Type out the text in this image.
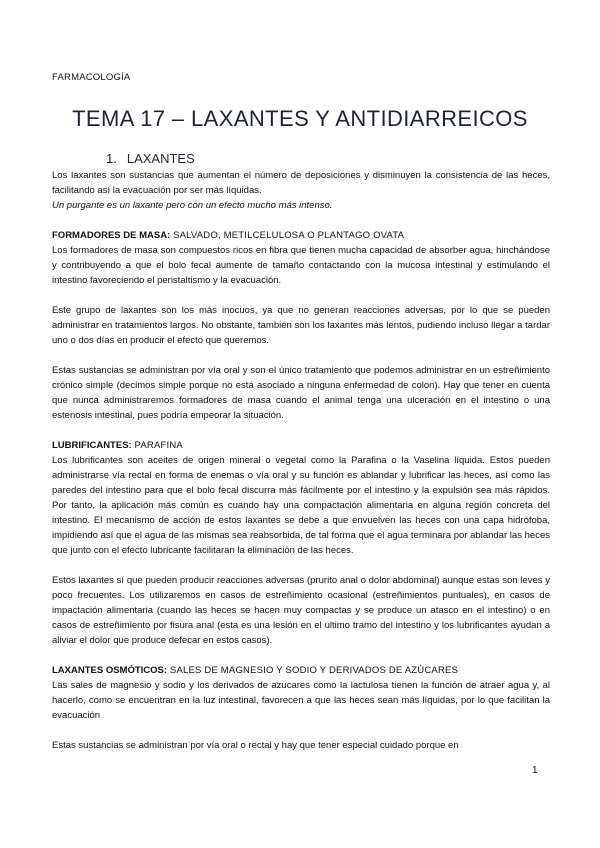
FARMACOLOGÍA
TEMA 17 – LAXANTES Y ANTIDIARREICOS
1. LAXANTES

Los laxantes son sustancias que aumentan el número de deposiciones y disminuyen la consistencia de las heces, facilitando así la evacuación por ser más líquidas.

Un purgante es un laxante pero con un efecto mucho más intenso.

FORMADORES DE MASA: SALVADO, METILCELULOSA O PLANTAGO OVATA

Los formadores de masa son compuestos ricos en fibra que tienen mucha capacidad de absorber agua, hinchándose y contribuyendo a que el bolo fecal aumente de tamaño contactando con la mucosa intestinal y estimulando el intestino favoreciendo el peristaltismo y la evacuación.

Este grupo de laxantes son los más inocuos, ya que no generan reacciones adversas, por lo que se pueden administrar en tratamientos largos. No obstante, también son los laxantes más lentos, pudiendo incluso llegar a tardar uno o dos días en producir el efecto que queremos.

Estas sustancias se administran por vía oral y son el único tratamiento que podemos administrar en un estreñimiento crónico simple (decimos simple porque no está asociado a ninguna enfermedad de colon). Hay que tener en cuenta que nunca administraremos formadores de masa cuando el animal tenga una ulceración en el intestino o una estenosis intestinal, pues podría empeorar la situación.

LUBRIFICANTES: PARAFINA

Los lubrificantes son aceites de origen mineral o vegetal como la Parafina o la Vaselina líquida. Estos pueden administrarse vía rectal en forma de enemas o vía oral y su función es ablandar y lubrificar las heces, así como las paredes del intestino para que el bolo fecal discurra más fácilmente por el intestino y la expulsión sea más rápidos. Por tanto, la aplicación más común es cuando hay una compactación alimentaria en alguna región concreta del intestino. El mecanismo de acción de estos laxantes se debe a que envuelven las heces con una capa hidrófoba, impidiendo así que el agua de las mismas sea reabsorbida, de tal forma que el agua terminara por ablandar las heces que junto con el efecto lubricante facilitaran la eliminación de las heces.

Estos laxantes sí que pueden producir reacciones adversas (prurito anal o dolor abdominal) aunque estas son leves y poco frecuentes. Los utilizaremos en casos de estreñimiento ocasional (estreñimientos puntuales), en casos de impactación alimentaria (cuando las heces se hacen muy compactas y se produce un atasco en el intestino) o en casos de estreñimiento por fisura anal (esta es una lesión en el ultimo tramo del intestino y los lubrificantes ayudan a aliviar el dolor que produce defecar en estos casos).

LAXANTES OSMÓTICOS: SALES DE MAGNESIO Y SODIO Y DERIVADOS DE AZÚCARES

Las sales de magnesio y sodio y los derivados de azucares como la lactulosa tienen la función de atraer agua y, al hacerlo, como se encuentran en la luz intestinal, favorecen a que las heces sean más líquidas, por lo que facilitan la evacuación

Estas sustancias se administran por vía oral o rectal y hay que tener especial cuidado porque en

1
